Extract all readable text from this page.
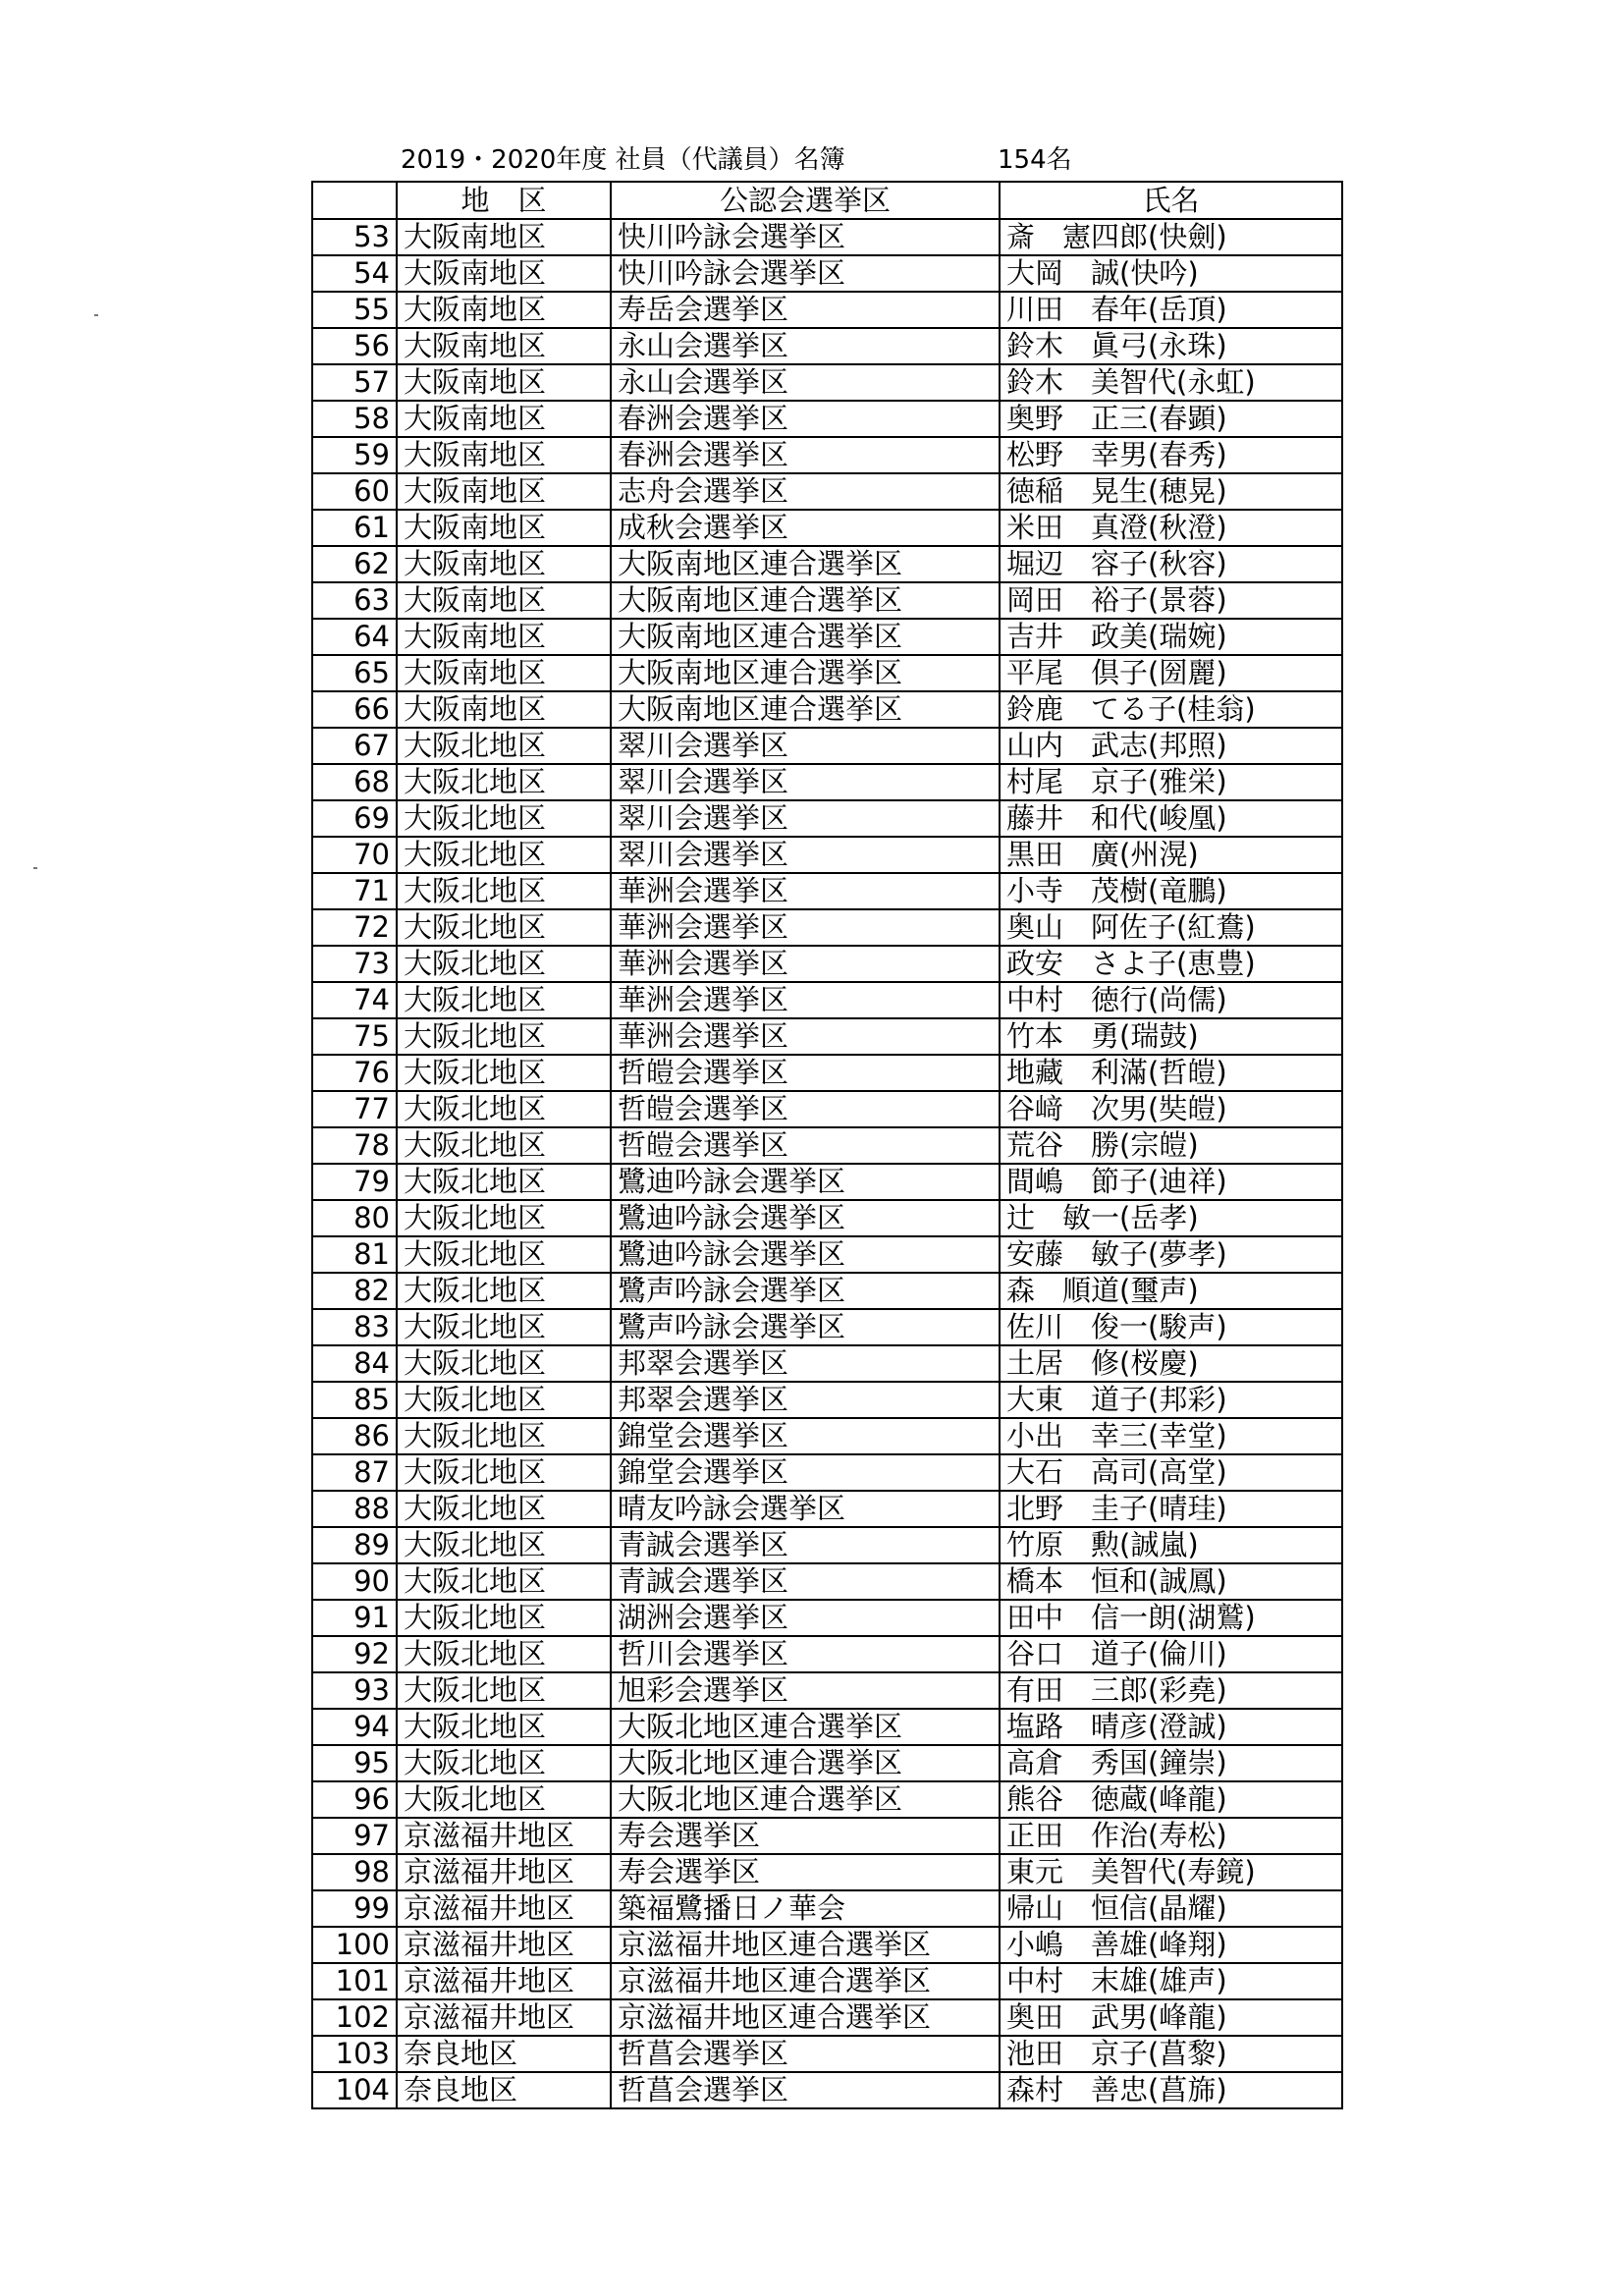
2019・2020年度 社員（代議員）名簿	154名
	地　区	公認会選挙区	氏名
53	大阪南地区	快川吟詠会選挙区	斎 憲四郎(快劍)
54	大阪南地区	快川吟詠会選挙区	大岡 誠(快吟)
55	大阪南地区	寿岳会選挙区	川田 春年(岳頂)
56	大阪南地区	永山会選挙区	鈴木 眞弓(永珠)
57	大阪南地区	永山会選挙区	鈴木 美智代(永虹)
58	大阪南地区	春洲会選挙区	奥野 正三(春顕)
59	大阪南地区	春洲会選挙区	松野 幸男(春秀)
60	大阪南地区	志舟会選挙区	徳稲 晃生(穂晃)
61	大阪南地区	成秋会選挙区	米田 真澄(秋澄)
62	大阪南地区	大阪南地区連合選挙区	堀辺 容子(秋容)
63	大阪南地区	大阪南地区連合選挙区	岡田 裕子(景蓉)
64	大阪南地区	大阪南地区連合選挙区	吉井 政美(瑞婉)
65	大阪南地区	大阪南地区連合選挙区	平尾 倶子(圀麗)
66	大阪南地区	大阪南地区連合選挙区	鈴鹿 てる子(桂翁)
67	大阪北地区	翠川会選挙区	山内 武志(邦照)
68	大阪北地区	翠川会選挙区	村尾 京子(雅栄)
69	大阪北地区	翠川会選挙区	藤井 和代(峻凰)
70	大阪北地区	翠川会選挙区	黒田 廣(州滉)
71	大阪北地区	華洲会選挙区	小寺 茂樹(竜鵬)
72	大阪北地区	華洲会選挙区	奥山 阿佐子(紅鴦)
73	大阪北地区	華洲会選挙区	政安 さよ子(恵豊)
74	大阪北地区	華洲会選挙区	中村 徳行(尚儒)
75	大阪北地区	華洲会選挙区	竹本 勇(瑞鼓)
76	大阪北地区	哲皚会選挙区	地藏 利滿(哲皚)
77	大阪北地区	哲皚会選挙区	谷﨑 次男(奘皚)
78	大阪北地区	哲皚会選挙区	荒谷 勝(宗皚)
79	大阪北地区	鷺迪吟詠会選挙区	間嶋 節子(迪祥)
80	大阪北地区	鷺迪吟詠会選挙区	辻 敏一(岳孝)
81	大阪北地区	鷺迪吟詠会選挙区	安藤 敏子(夢孝)
82	大阪北地区	鷺声吟詠会選挙区	森 順道(璽声)
83	大阪北地区	鷺声吟詠会選挙区	佐川 俊一(駿声)
84	大阪北地区	邦翠会選挙区	土居 修(桜慶)
85	大阪北地区	邦翠会選挙区	大東 道子(邦彩)
86	大阪北地区	錦堂会選挙区	小出 幸三(幸堂)
87	大阪北地区	錦堂会選挙区	大石 高司(高堂)
88	大阪北地区	晴友吟詠会選挙区	北野 圭子(晴珪)
89	大阪北地区	青誠会選挙区	竹原 勲(誠嵐)
90	大阪北地区	青誠会選挙区	橋本 恒和(誠鳳)
91	大阪北地区	湖洲会選挙区	田中 信一朗(湖鷲)
92	大阪北地区	哲川会選挙区	谷口 道子(倫川)
93	大阪北地区	旭彩会選挙区	有田 三郎(彩堯)
94	大阪北地区	大阪北地区連合選挙区	塩路 晴彦(澄誠)
95	大阪北地区	大阪北地区連合選挙区	高倉 秀国(鐘崇)
96	大阪北地区	大阪北地区連合選挙区	熊谷 徳蔵(峰龍)
97	京滋福井地区	寿会選挙区	正田 作治(寿松)
98	京滋福井地区	寿会選挙区	東元 美智代(寿鏡)
99	京滋福井地区	築福鷺播日ノ華会	帰山 恒信(晶耀)
100	京滋福井地区	京滋福井地区連合選挙区	小嶋 善雄(峰翔)
101	京滋福井地区	京滋福井地区連合選挙区	中村 末雄(雄声)
102	京滋福井地区	京滋福井地区連合選挙区	奥田 武男(峰龍)
103	奈良地区	哲菖会選挙区	池田 京子(菖黎)
104	奈良地区	哲菖会選挙区	森村 善忠(菖旆)
